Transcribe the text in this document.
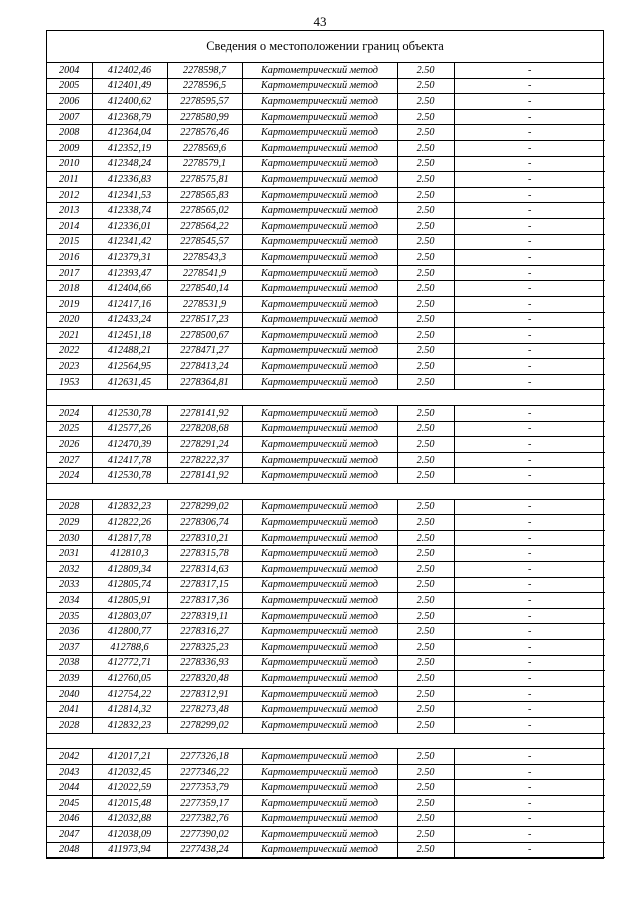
43
Сведения о местоположении границ объекта
2004	412402,46	2278598,7	Картометрический метод	2.50	-
2005	412401,49	2278596,5	Картометрический метод	2.50	-
2006	412400,62	2278595,57	Картометрический метод	2.50	-
2007	412368,79	2278580,99	Картометрический метод	2.50	-
2008	412364,04	2278576,46	Картометрический метод	2.50	-
2009	412352,19	2278569,6	Картометрический метод	2.50	-
2010	412348,24	2278579,1	Картометрический метод	2.50	-
2011	412336,83	2278575,81	Картометрический метод	2.50	-
2012	412341,53	2278565,83	Картометрический метод	2.50	-
2013	412338,74	2278565,02	Картометрический метод	2.50	-
2014	412336,01	2278564,22	Картометрический метод	2.50	-
2015	412341,42	2278545,57	Картометрический метод	2.50	-
2016	412379,31	2278543,3	Картометрический метод	2.50	-
2017	412393,47	2278541,9	Картометрический метод	2.50	-
2018	412404,66	2278540,14	Картометрический метод	2.50	-
2019	412417,16	2278531,9	Картометрический метод	2.50	-
2020	412433,24	2278517,23	Картометрический метод	2.50	-
2021	412451,18	2278500,67	Картометрический метод	2.50	-
2022	412488,21	2278471,27	Картометрический метод	2.50	-
2023	412564,95	2278413,24	Картометрический метод	2.50	-
1953	412631,45	2278364,81	Картометрический метод	2.50	-

2024	412530,78	2278141,92	Картометрический метод	2.50	-
2025	412577,26	2278208,68	Картометрический метод	2.50	-
2026	412470,39	2278291,24	Картометрический метод	2.50	-
2027	412417,78	2278222,37	Картометрический метод	2.50	-
2024	412530,78	2278141,92	Картометрический метод	2.50	-

2028	412832,23	2278299,02	Картометрический метод	2.50	-
2029	412822,26	2278306,74	Картометрический метод	2.50	-
2030	412817,78	2278310,21	Картометрический метод	2.50	-
2031	412810,3	2278315,78	Картометрический метод	2.50	-
2032	412809,34	2278314,63	Картометрический метод	2.50	-
2033	412805,74	2278317,15	Картометрический метод	2.50	-
2034	412805,91	2278317,36	Картометрический метод	2.50	-
2035	412803,07	2278319,11	Картометрический метод	2.50	-
2036	412800,77	2278316,27	Картометрический метод	2.50	-
2037	412788,6	2278325,23	Картометрический метод	2.50	-
2038	412772,71	2278336,93	Картометрический метод	2.50	-
2039	412760,05	2278320,48	Картометрический метод	2.50	-
2040	412754,22	2278312,91	Картометрический метод	2.50	-
2041	412814,32	2278273,48	Картометрический метод	2.50	-
2028	412832,23	2278299,02	Картометрический метод	2.50	-

2042	412017,21	2277326,18	Картометрический метод	2.50	-
2043	412032,45	2277346,22	Картометрический метод	2.50	-
2044	412022,59	2277353,79	Картометрический метод	2.50	-
2045	412015,48	2277359,17	Картометрический метод	2.50	-
2046	412032,88	2277382,76	Картометрический метод	2.50	-
2047	412038,09	2277390,02	Картометрический метод	2.50	-
2048	411973,94	2277438,24	Картометрический метод	2.50	-
